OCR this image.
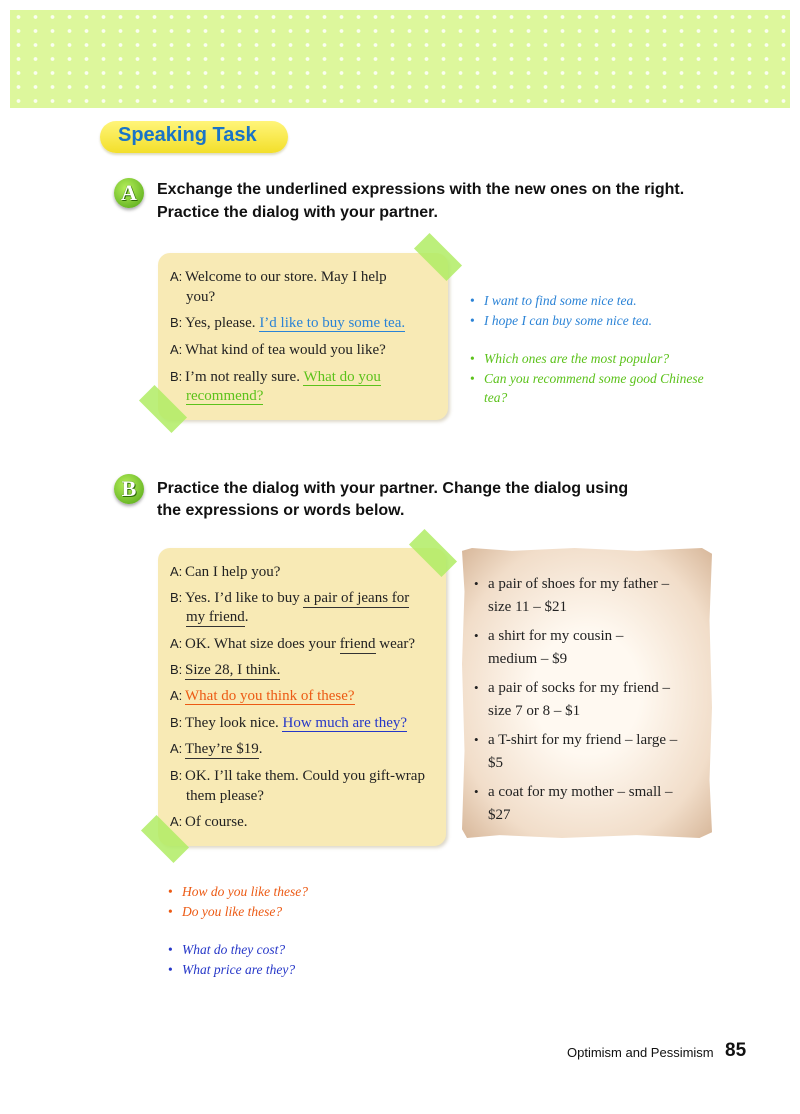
Speaking Task
A	Exchange the underlined expressions with the new ones on the right.
Practice the dialog with your partner.
A: Welcome to our store. May I help
you?
B: Yes, please. I’d like to buy some tea.
A: What kind of tea would you like?
B: I’m not really sure. What do you
recommend?
• I want to find some nice tea.
• I hope I can buy some nice tea.
• Which ones are the most popular?
• Can you recommend some good Chinese
tea?
B	Practice the dialog with your partner. Change the dialog using
the expressions or words below.
A: Can I help you?
B: Yes. I’d like to buy a pair of jeans for
my friend.
A: OK. What size does your friend wear?
B: Size 28, I think.
A: What do you think of these?
B: They look nice. How much are they?
A: They’re $19.
B: OK. I’ll take them. Could you gift-wrap
them please?
A: Of course.
• a pair of shoes for my father –
size 11 – $21
• a shirt for my cousin –
medium – $9
• a pair of socks for my friend –
size 7 or 8 – $1
• a T-shirt for my friend – large –
$5
• a coat for my mother – small –
$27
• How do you like these?
• Do you like these?
• What do they cost?
• What price are they?
Optimism and Pessimism 85
